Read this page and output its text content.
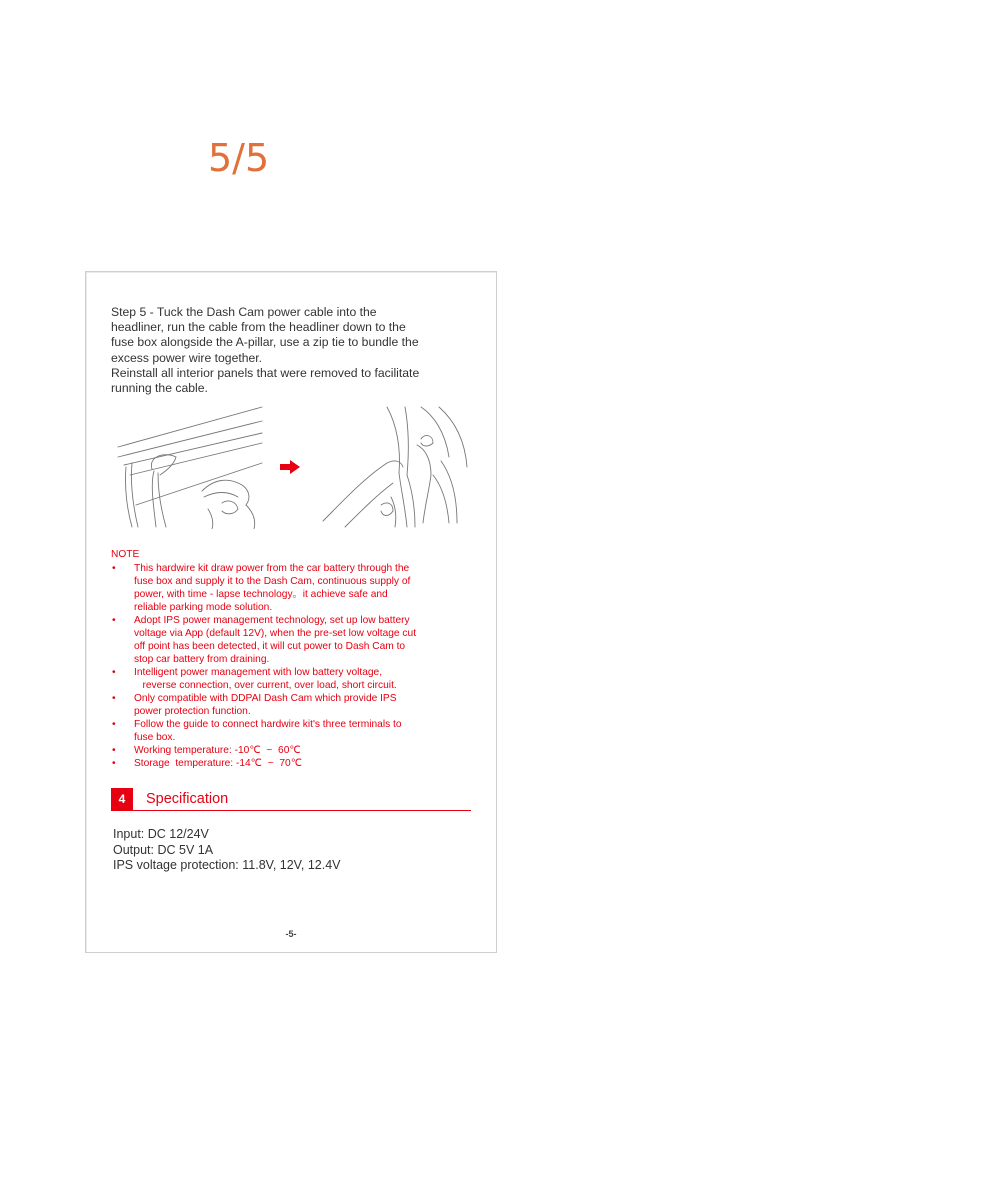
5/5

Step 5 - Tuck the Dash Cam power cable into the

headliner, run the cable from the headliner down to the

fuse box alongside the A-pillar, use a zip tie to bundle the

excess power wire together.

Reinstall all interior panels that were removed to facilitate

running the cable.

NOTE
• This hardwire kit draw power from the car battery through the
fuse box and supply it to the Dash Cam, continuous supply of
power, with time - lapse technology。it achieve safe and
reliable parking mode solution.
• Adopt IPS power management technology, set up low battery
voltage via App (default 12V), when the pre-set low voltage cut
off point has been detected, it will cut power to Dash Cam to
stop car battery from draining.
• Intelligent power management with low battery voltage,
reverse connection, over current, over load, short circuit.
• Only compatible with DDPAI Dash Cam which provide IPS
power protection function.
• Follow the guide to connect hardwire kit's three terminals to
fuse box.
• Working temperature: -10℃  ~  60℃
• Storage  temperature: -14℃  ~  70℃
4	Specification
Input: DC 12/24V
Output: DC 5V 1A
IPS voltage protection: 11.8V, 12V, 12.4V
-5-
